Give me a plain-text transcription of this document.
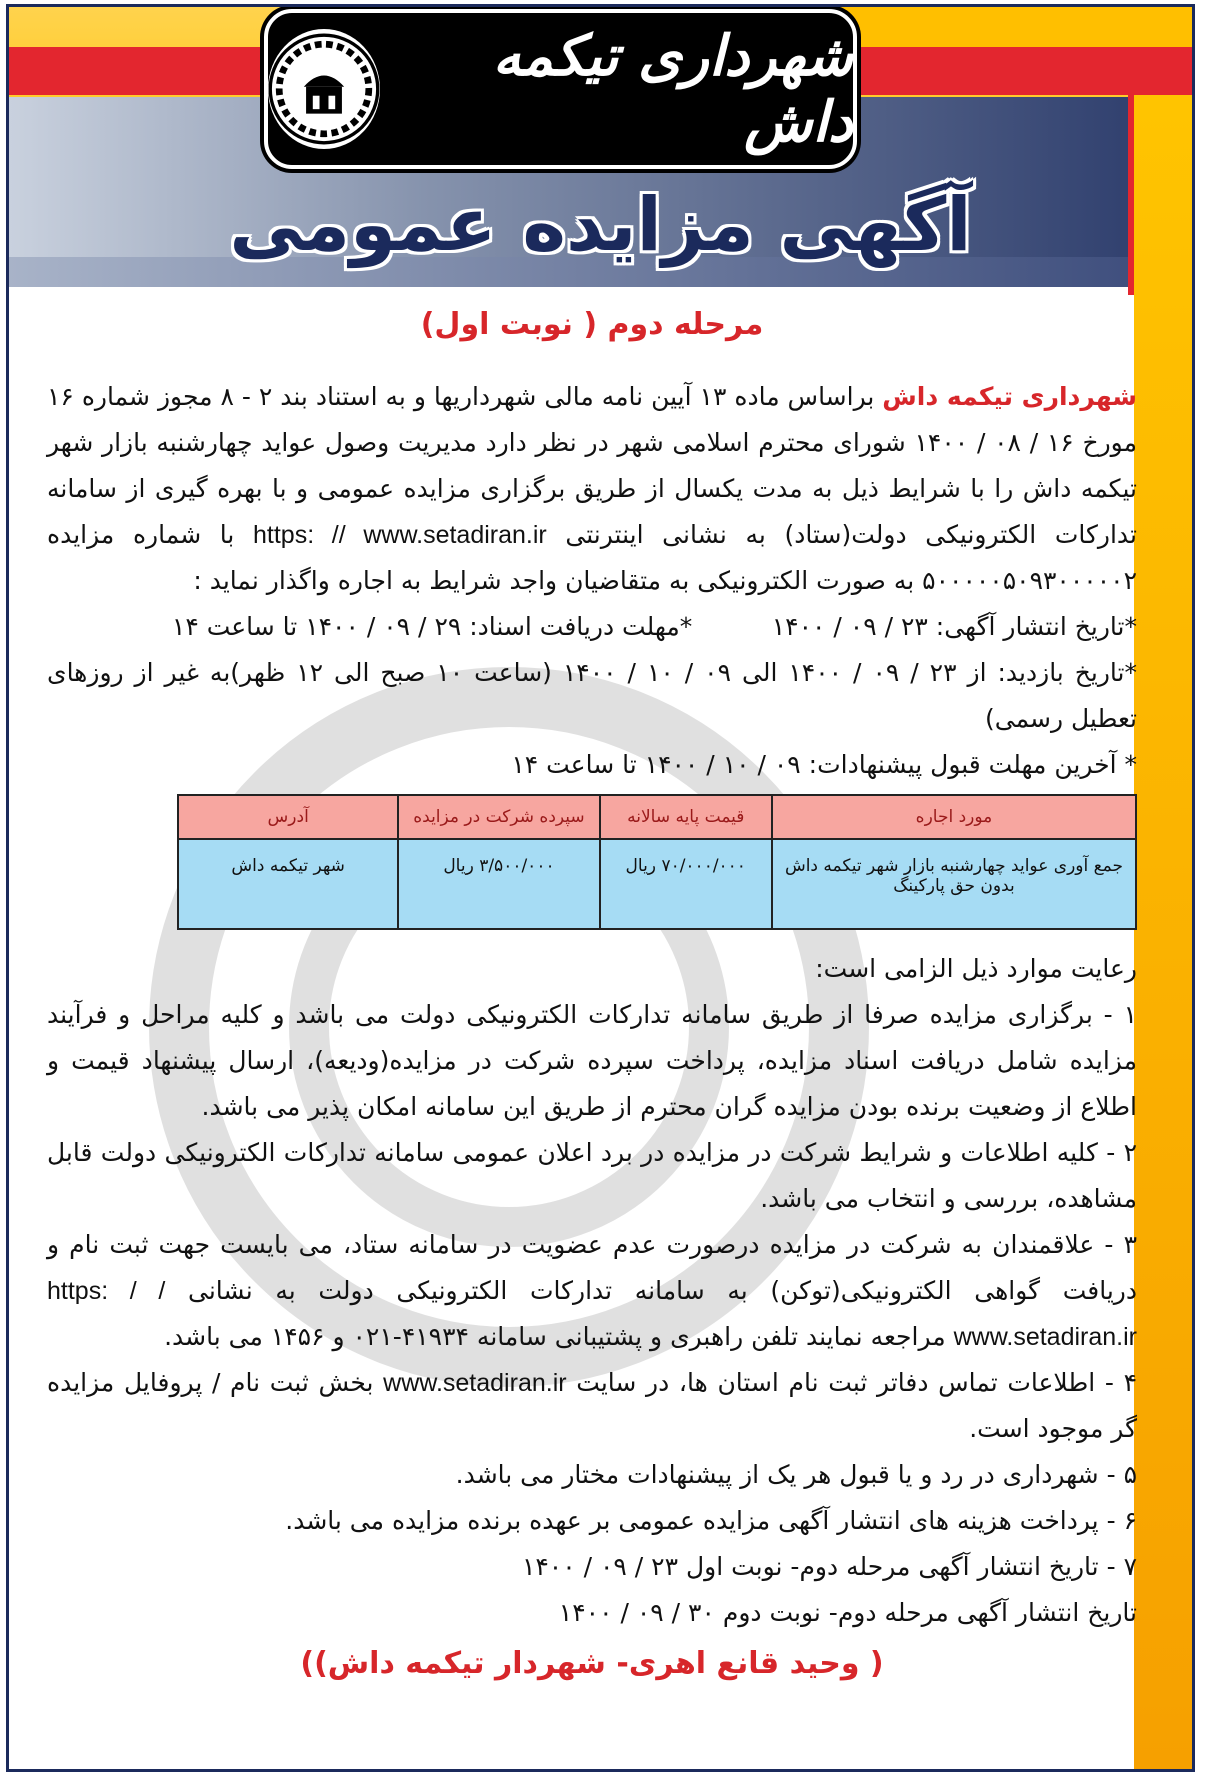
شهرداری تیکمه داش
آگهی مزایده عمومی
مرحله دوم ( نوبت اول)

شهرداری تیکمه داش براساس ماده ۱۳ آیین نامه مالی شهرداریها و به استناد بند ۲ - ۸ مجوز شماره ۱۶ مورخ ۱۶ / ۰۸ / ۱۴۰۰ شورای محترم اسلامی شهر در نظر دارد مدیریت وصول عواید چهارشنبه بازار شهر تیکمه داش را با شرایط ذیل به مدت یکسال از طریق برگزاری مزایده عمومی و با بهره گیری از سامانه تدارکات الکترونیکی دولت(ستاد) به نشانی اینترنتی https: // www.setadiran.ir با شماره مزایده ۵۰۰۰۰۰۵۰۹۳۰۰۰۰۰۲ به صورت الکترونیکی به متقاضیان واجد شرایط به اجاره واگذار نماید :

*تاریخ انتشار آگهی: ۲۳ / ۰۹ / ۱۴۰۰          *مهلت دریافت اسناد: ۲۹ / ۰۹ / ۱۴۰۰ تا ساعت ۱۴

*تاریخ بازدید: از ۲۳ / ۰۹ / ۱۴۰۰ الی ۰۹ / ۱۰ / ۱۴۰۰ (ساعت ۱۰ صبح الی ۱۲ ظهر)به غیر از روزهای تعطیل رسمی)

* آخرین مهلت قبول پیشنهادات: ۰۹ / ۱۰ / ۱۴۰۰ تا ساعت ۱۴

مورد اجاره	قیمت پایه سالانه	سپرده شرکت در مزایده	آدرس
جمع آوری عواید چهارشنبه بازار شهر تیکمه داش بدون حق پارکینگ	۷۰/۰۰۰/۰۰۰ ریال	۳/۵۰۰/۰۰۰ ریال	شهر تیکمه داش

رعایت موارد ذیل الزامی است:

۱ - برگزاری مزایده صرفا از طریق سامانه تدارکات الکترونیکی دولت می باشد و کلیه مراحل و فرآیند مزایده شامل دریافت اسناد مزایده، پرداخت سپرده شرکت در مزایده(ودیعه)، ارسال پیشنهاد قیمت و اطلاع از وضعیت برنده بودن مزایده گران محترم از طریق این سامانه امکان پذیر می باشد.

۲ - کلیه اطلاعات و شرایط شرکت در مزایده در برد اعلان عمومی سامانه تدارکات الکترونیکی دولت قابل مشاهده، بررسی و انتخاب می باشد.

۳ - علاقمندان به شرکت در مزایده درصورت عدم عضویت در سامانه ستاد، می بایست جهت ثبت نام و دریافت گواهی الکترونیکی(توکن) به سامانه تدارکات الکترونیکی دولت به نشانی https: / / www.setadiran.ir مراجعه نمایند تلفن راهبری و پشتیبانی سامانه ۴۱۹۳۴-۰۲۱ و ۱۴۵۶ می باشد.

۴ - اطلاعات تماس دفاتر ثبت نام استان ها، در سایت www.setadiran.ir بخش ثبت نام / پروفایل مزایده گر موجود است.

۵ - شهرداری در رد و یا قبول هر یک از پیشنهادات مختار می باشد.

۶ - پرداخت هزینه های انتشار آگهی مزایده عمومی بر عهده برنده مزایده می باشد.

۷ - تاریخ انتشار آگهی مرحله دوم- نوبت اول ۲۳ / ۰۹ / ۱۴۰۰

تاریخ انتشار آگهی مرحله دوم- نوبت دوم ۳۰ / ۰۹ / ۱۴۰۰

( وحید قانع اهری- شهردار تیکمه داش))
